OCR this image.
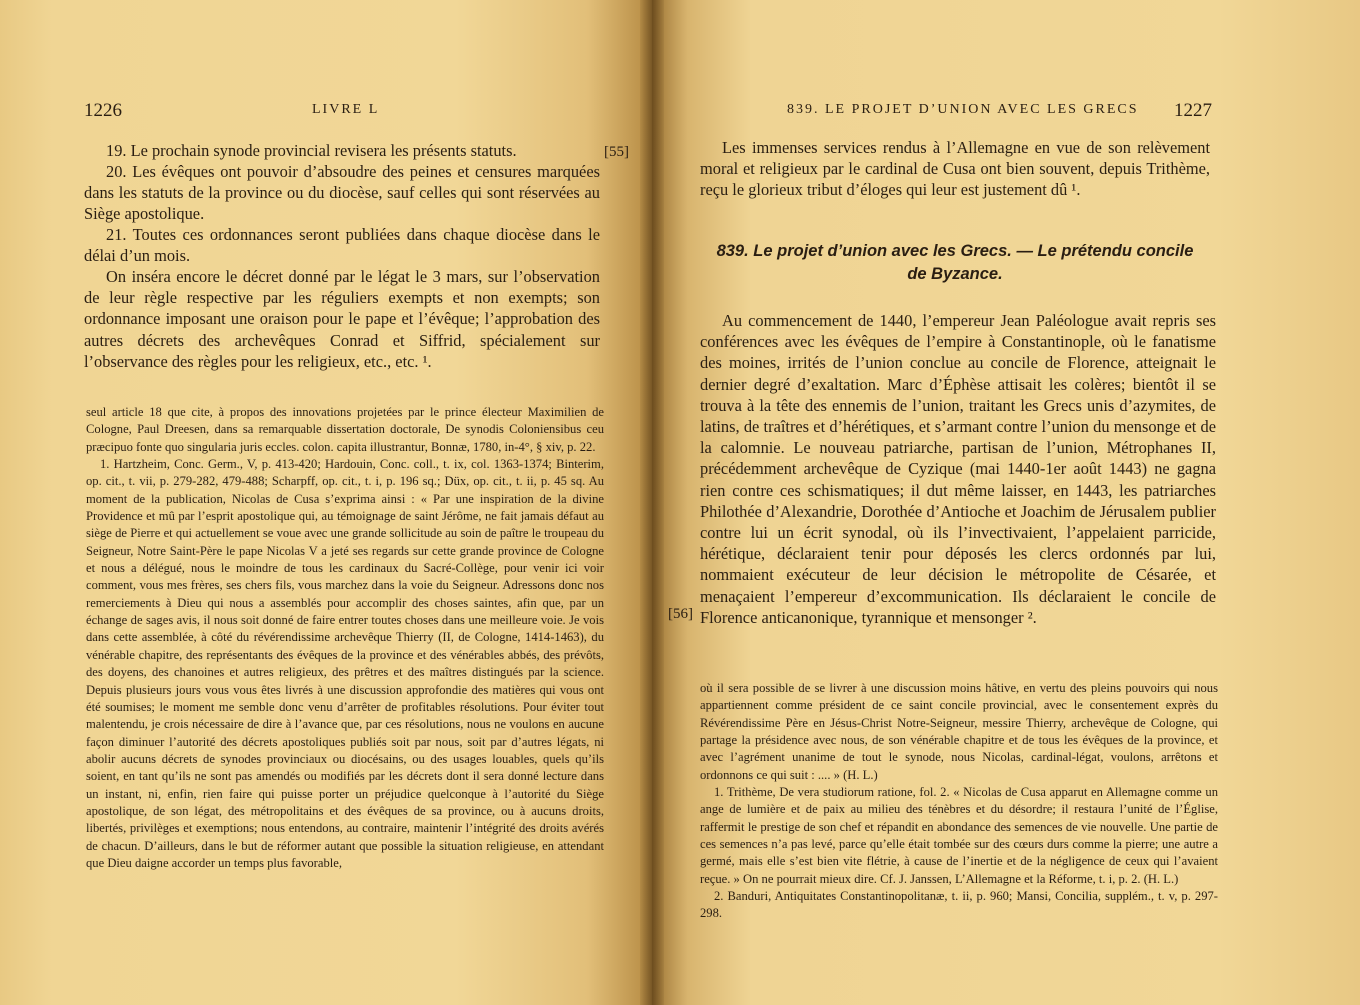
1226	LIVRE L

19. Le prochain synode provincial revisera les présents statuts.

20. Les évêques ont pouvoir d’absoudre des peines et censures marquées dans les statuts de la province ou du diocèse, sauf celles qui sont réservées au Siège apostolique.

21. Toutes ces ordonnances seront publiées dans chaque diocèse dans le délai d’un mois.

On inséra encore le décret donné par le légat le 3 mars, sur l’observation de leur règle respective par les réguliers exempts et non exempts; son ordonnance imposant une oraison pour le pape et l’évêque; l’approbation des autres décrets des archevêques Conrad et Siffrid, spécialement sur l’observance des règles pour les religieux, etc., etc. ¹.

seul article 18 que cite, à propos des innovations projetées par le prince électeur Maximilien de Cologne, Paul Dreesen, dans sa remarquable dissertation doctorale, De synodis Coloniensibus ceu præcipuo fonte quo singularia juris eccles. colon. capita illustrantur, Bonnæ, 1780, in-4°, § xiv, p. 22.

1. Hartzheim, Conc. Germ., V, p. 413-420; Hardouin, Conc. coll., t. ix, col. 1363-1374; Binterim, op. cit., t. vii, p. 279-282, 479-488; Scharpff, op. cit., t. i, p. 196 sq.; Düx, op. cit., t. ii, p. 45 sq. Au moment de la publication, Nicolas de Cusa s’exprima ainsi : « Par une inspiration de la divine Providence et mû par l’esprit apostolique qui, au témoignage de saint Jérôme, ne fait jamais défaut au siège de Pierre et qui actuellement se voue avec une grande sollicitude au soin de paître le troupeau du Seigneur, Notre Saint-Père le pape Nicolas V a jeté ses regards sur cette grande province de Cologne et nous a délégué, nous le moindre de tous les cardinaux du Sacré-Collège, pour venir ici voir comment, vous mes frères, ses chers fils, vous marchez dans la voie du Seigneur. Adressons donc nos remerciements à Dieu qui nous a assemblés pour accomplir des choses saintes, afin que, par un échange de sages avis, il nous soit donné de faire entrer toutes choses dans une meilleure voie. Je vois dans cette assemblée, à côté du révérendissime archevêque Thierry (II, de Cologne, 1414-1463), du vénérable chapitre, des représentants des évêques de la province et des vénérables abbés, des prévôts, des doyens, des chanoines et autres religieux, des prêtres et des maîtres distingués par la science. Depuis plusieurs jours vous vous êtes livrés à une discussion approfondie des matières qui vous ont été soumises; le moment me semble donc venu d’arrêter de profitables résolutions. Pour éviter tout malentendu, je crois nécessaire de dire à l’avance que, par ces résolutions, nous ne voulons en aucune façon diminuer l’autorité des décrets apostoliques publiés soit par nous, soit par d’autres légats, ni abolir aucuns décrets de synodes provinciaux ou diocésains, ou des usages louables, quels qu’ils soient, en tant qu’ils ne sont pas amendés ou modifiés par les décrets dont il sera donné lecture dans un instant, ni, enfin, rien faire qui puisse porter un préjudice quelconque à l’autorité du Siège apostolique, de son légat, des métropolitains et des évêques de sa province, ou à aucuns droits, libertés, privilèges et exemptions; nous entendons, au contraire, maintenir l’intégrité des droits avérés de chacun. D’ailleurs, dans le but de réformer autant que possible la situation religieuse, en attendant que Dieu daigne accorder un temps plus favorable,

[55]
839. LE PROJET D’UNION AVEC LES GRECS 1227

Les immenses services rendus à l’Allemagne en vue de son relèvement moral et religieux par le cardinal de Cusa ont bien souvent, depuis Trithème, reçu le glorieux tribut d’éloges qui leur est justement dû ¹.

839. Le projet d’union avec les Grecs. — Le prétendu concile de Byzance.

Au commencement de 1440, l’empereur Jean Paléologue avait repris ses conférences avec les évêques de l’empire à Constantinople, où le fanatisme des moines, irrités de l’union conclue au concile de Florence, atteignait le dernier degré d’exaltation. Marc d’Éphèse attisait les colères; bientôt il se trouva à la tête des ennemis de l’union, traitant les Grecs unis d’azymites, de latins, de traîtres et d’hérétiques, et s’armant contre l’union du mensonge et de la calomnie. Le nouveau patriarche, partisan de l’union, Métrophanes II, précédemment archevêque de Cyzique (mai 1440-1er août 1443) ne gagna rien contre ces schismatiques; il dut même laisser, en 1443, les patriarches Philothée d’Alexandrie, Dorothée d’Antioche et Joachim de Jérusalem publier contre lui un écrit synodal, où ils l’invectivaient, l’appelaient parricide, hérétique, déclaraient tenir pour déposés les clercs ordonnés par lui, nommaient exécuteur de leur décision le métropolite de Césarée, et menaçaient l’empereur d’excommunication. Ils déclaraient le concile de Florence anticanonique, tyrannique et mensonger ².

où il sera possible de se livrer à une discussion moins hâtive, en vertu des pleins pouvoirs qui nous appartiennent comme président de ce saint concile provincial, avec le consentement exprès du Révérendissime Père en Jésus-Christ Notre-Seigneur, messire Thierry, archevêque de Cologne, qui partage la présidence avec nous, de son vénérable chapitre et de tous les évêques de la province, et avec l’agrément unanime de tout le synode, nous Nicolas, cardinal-légat, voulons, arrêtons et ordonnons ce qui suit : .... » (H. L.)

1. Trithème, De vera studiorum ratione, fol. 2. « Nicolas de Cusa apparut en Allemagne comme un ange de lumière et de paix au milieu des ténèbres et du désordre; il restaura l’unité de l’Église, raffermit le prestige de son chef et répandit en abondance des semences de vie nouvelle. Une partie de ces semences n’a pas levé, parce qu’elle était tombée sur des cœurs durs comme la pierre; une autre a germé, mais elle s’est bien vite flétrie, à cause de l’inertie et de la négligence de ceux qui l’avaient reçue. » On ne pourrait mieux dire. Cf. J. Janssen, L’Allemagne et la Réforme, t. i, p. 2. (H. L.)

2. Banduri, Antiquitates Constantinopolitanæ, t. ii, p. 960; Mansi, Concilia, supplém., t. v, p. 297-298.

[56]
